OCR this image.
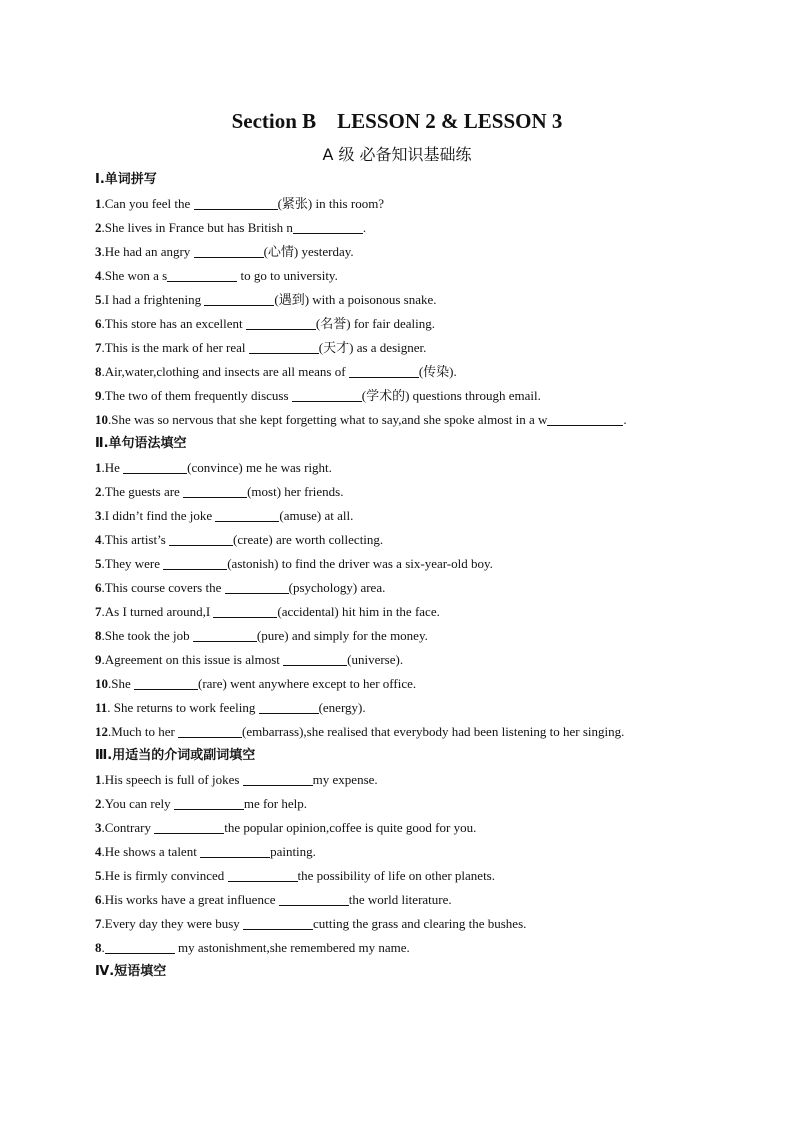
Section B    LESSON 2 & LESSON 3
A 级 必备知识基础练
Ⅰ.单词拼写
1.Can you feel the	(紧张) in this room?
2.She lives in France but has British n	.
3.He had an angry	(心情) yesterday.
4.She won a s	to go to university.
5.I had a frightening	(遇到) with a poisonous snake.
6.This store has an excellent	(名誉) for fair dealing.
7.This is the mark of her real	(天才) as a designer.
8.Air,water,clothing and insects are all means of	(传染).
9.The two of them frequently discuss	(学术的) questions through email.
10.She was so nervous that she kept forgetting what to say,and she spoke almost in a w	.
Ⅱ.单句语法填空
1.He	(convince) me he was right.
2.The guests are	(most) her friends.
3.I didn’t find the joke	(amuse) at all.
4.This artist’s	(create) are worth collecting.
5.They were	(astonish) to find the driver was a six-year-old boy.
6.This course covers the	(psychology) area.
7.As I turned around,I	(accidental) hit him in the face.
8.She took the job	(pure) and simply for the money.
9.Agreement on this issue is almost	(universe).
10.She	(rare) went anywhere except to her office.
11. She returns to work feeling	(energy).
12.Much to her	(embarrass),she realised that everybody had been listening to her singing.
Ⅲ.用适当的介词或副词填空
1.His speech is full of jokes	my expense.
2.You can rely	me for help.
3.Contrary	the popular opinion,coffee is quite good for you.
4.He shows a talent	painting.
5.He is firmly convinced	the possibility of life on other planets.
6.His works have a great influence	the world literature.
7.Every day they were busy	cutting the grass and clearing the bushes.
8.	my astonishment,she remembered my name.
Ⅳ.短语填空
